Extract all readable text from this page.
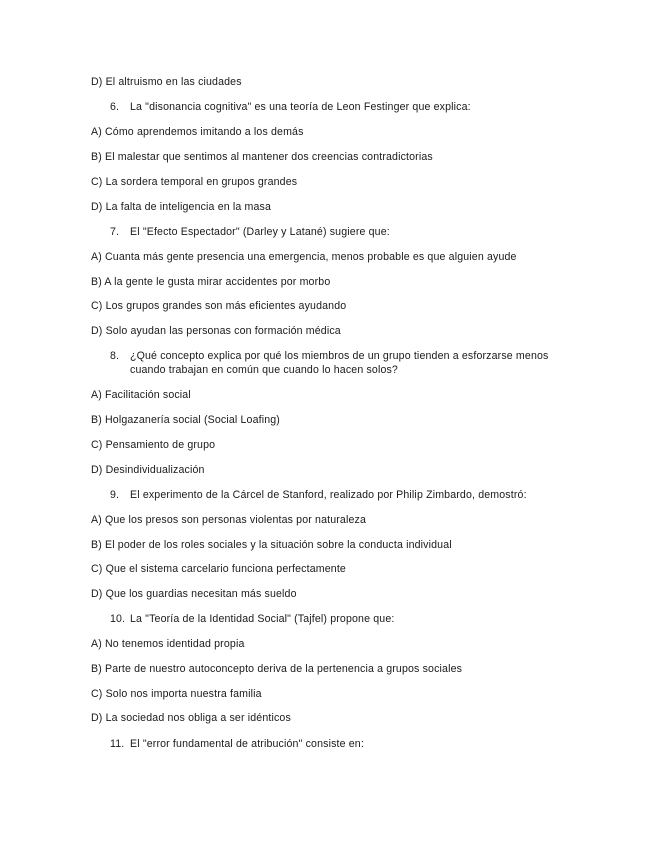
D) El altruismo en las ciudades
6.	La "disonancia cognitiva" es una teoría de Leon Festinger que explica:
A) Cómo aprendemos imitando a los demás
B) El malestar que sentimos al mantener dos creencias contradictorias
C) La sordera temporal en grupos grandes
D) La falta de inteligencia en la masa
7.	El "Efecto Espectador" (Darley y Latané) sugiere que:
A) Cuanta más gente presencia una emergencia, menos probable es que alguien ayude
B) A la gente le gusta mirar accidentes por morbo
C) Los grupos grandes son más eficientes ayudando
D) Solo ayudan las personas con formación médica
8.	¿Qué concepto explica por qué los miembros de un grupo tienden a esforzarse menos cuando trabajan en común que cuando lo hacen solos?
A) Facilitación social
B) Holgazanería social (Social Loafing)
C) Pensamiento de grupo
D) Desindividualización
9.	El experimento de la Cárcel de Stanford, realizado por Philip Zimbardo, demostró:
A) Que los presos son personas violentas por naturaleza
B) El poder de los roles sociales y la situación sobre la conducta individual
C) Que el sistema carcelario funciona perfectamente
D) Que los guardias necesitan más sueldo
10. La "Teoría de la Identidad Social" (Tajfel) propone que:
A) No tenemos identidad propia
B) Parte de nuestro autoconcepto deriva de la pertenencia a grupos sociales
C) Solo nos importa nuestra familia
D) La sociedad nos obliga a ser idénticos
11. El "error fundamental de atribución" consiste en:
